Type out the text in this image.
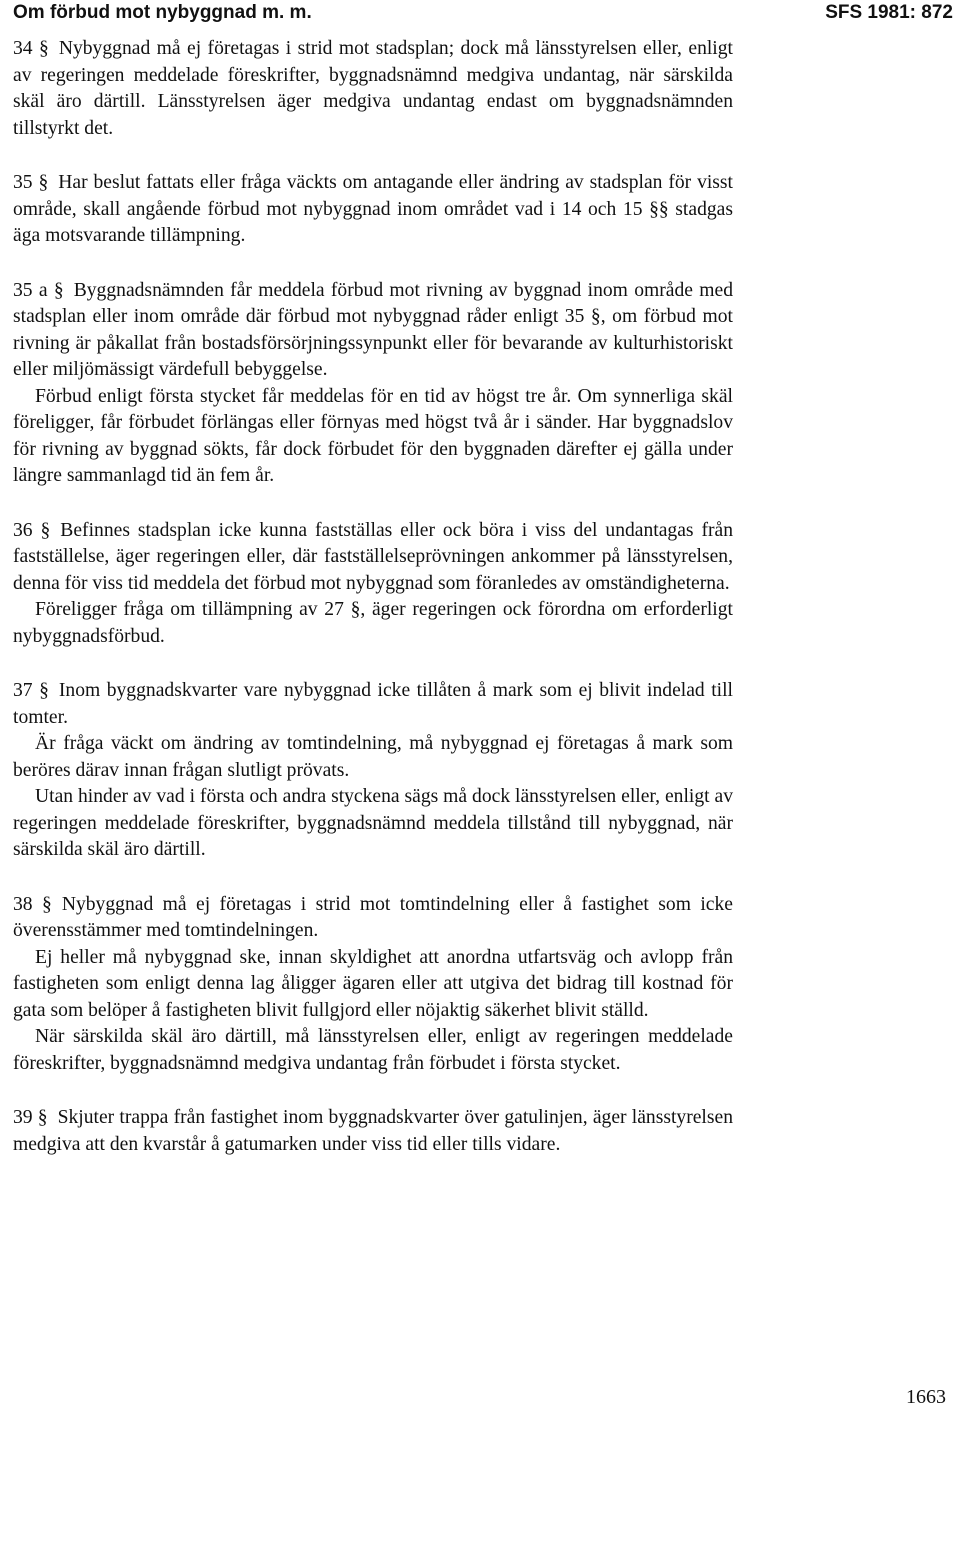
Om förbud mot nybyggnad m. m.	SFS 1981: 872

34 § Nybyggnad må ej företagas i strid mot stadsplan; dock må länsstyrelsen eller, enligt av regeringen meddelade föreskrifter, byggnadsnämnd medgiva undantag, när särskilda skäl äro därtill. Länsstyrelsen äger medgiva undantag endast om byggnadsnämnden tillstyrkt det.

35 § Har beslut fattats eller fråga väckts om antagande eller ändring av stadsplan för visst område, skall angående förbud mot nybyggnad inom området vad i 14 och 15 §§ stadgas äga motsvarande tillämpning.

35 a § Byggnadsnämnden får meddela förbud mot rivning av byggnad inom område med stadsplan eller inom område där förbud mot nybyggnad råder enligt 35 §, om förbud mot rivning är påkallat från bostadsförsörjningssynpunkt eller för bevarande av kulturhistoriskt eller miljömässigt värdefull bebyggelse.

Förbud enligt första stycket får meddelas för en tid av högst tre år. Om synnerliga skäl föreligger, får förbudet förlängas eller förnyas med högst två år i sänder. Har byggnadslov för rivning av byggnad sökts, får dock förbudet för den byggnaden därefter ej gälla under längre sammanlagd tid än fem år.

36 § Befinnes stadsplan icke kunna fastställas eller ock böra i viss del undantagas från fastställelse, äger regeringen eller, där fastställelseprövningen ankommer på länsstyrelsen, denna för viss tid meddela det förbud mot nybyggnad som föranledes av omständigheterna.

Föreligger fråga om tillämpning av 27 §, äger regeringen ock förordna om erforderligt nybyggnadsförbud.

37 § Inom byggnadskvarter vare nybyggnad icke tillåten å mark som ej blivit indelad till tomter.

Är fråga väckt om ändring av tomtindelning, må nybyggnad ej företagas å mark som beröres därav innan frågan slutligt prövats.

Utan hinder av vad i första och andra styckena sägs må dock länsstyrelsen eller, enligt av regeringen meddelade föreskrifter, byggnadsnämnd meddela tillstånd till nybyggnad, när särskilda skäl äro därtill.

38 § Nybyggnad må ej företagas i strid mot tomtindelning eller å fastighet som icke överensstämmer med tomtindelningen.

Ej heller må nybyggnad ske, innan skyldighet att anordna utfartsväg och avlopp från fastigheten som enligt denna lag åligger ägaren eller att utgiva det bidrag till kostnad för gata som belöper å fastigheten blivit fullgjord eller nöjaktig säkerhet blivit ställd.

När särskilda skäl äro därtill, må länsstyrelsen eller, enligt av regeringen meddelade föreskrifter, byggnadsnämnd medgiva undantag från förbudet i första stycket.

39 § Skjuter trappa från fastighet inom byggnadskvarter över gatulinjen, äger länsstyrelsen medgiva att den kvarstår å gatumarken under viss tid eller tills vidare.

1663
